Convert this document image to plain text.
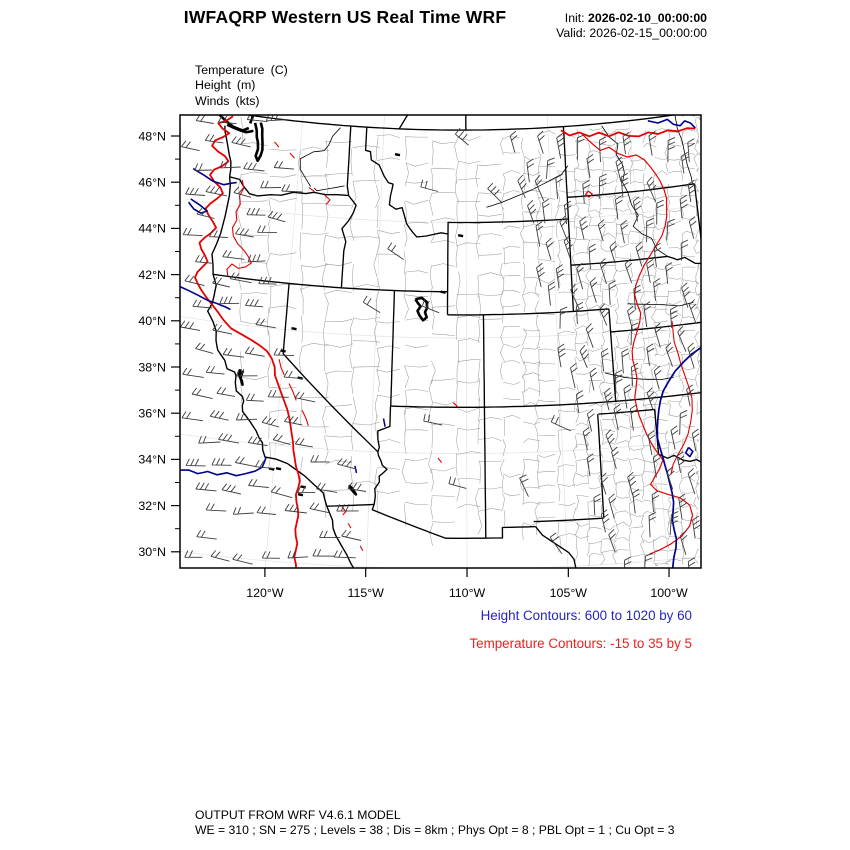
IWFAQRP Western US Real Time WRF	Init: 2026-02-10_00:00:00
Valid: 2026-02-15_00:00:00
Temperature (C)
Height (m)
Winds (kts)
48°N
46°N
44°N
42°N
40°N
38°N
36°N
34°N
32°N
30°N
120°W	115°W	110°W	105°W	100°W
Height Contours: 600 to 1020 by 60
Temperature Contours: -15 to 35 by 5
OUTPUT FROM WRF V4.6.1 MODEL
WE = 310 ; SN = 275 ; Levels = 38 ; Dis = 8km ; Phys Opt = 8 ; PBL Opt = 1 ; Cu Opt = 3
